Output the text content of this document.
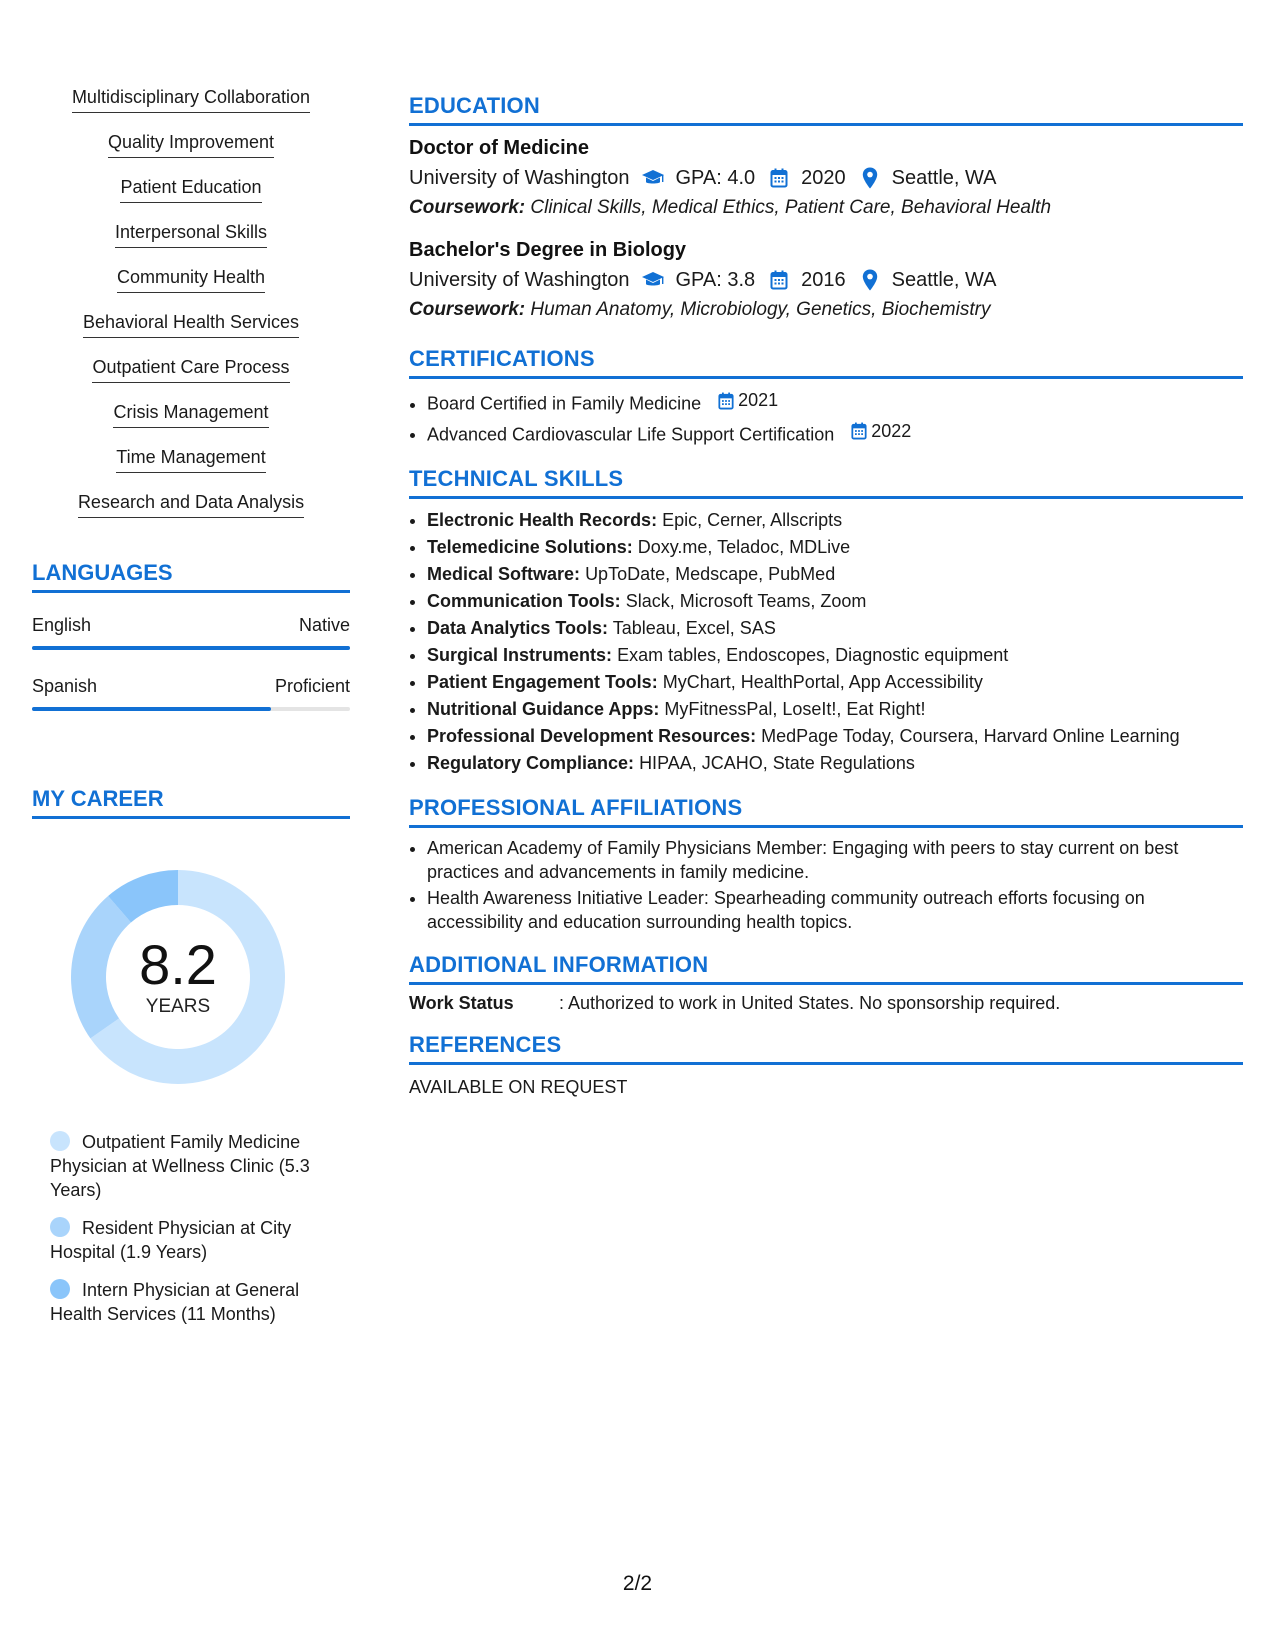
Multidisciplinary Collaboration
Quality Improvement
Patient Education
Interpersonal Skills
Community Health
Behavioral Health Services
Outpatient Care Process
Crisis Management
Time Management
Research and Data Analysis
LANGUAGES
English	Native
Spanish	Proficient
MY CAREER
8.2
YEARS
Outpatient Family Medicine Physician at Wellness Clinic (5.3 Years)
Resident Physician at City Hospital (1.9 Years)
Intern Physician at General Health Services (11 Months)
EDUCATION
Doctor of Medicine
University of Washington GPA: 4.0 2020 Seattle, WA
Coursework: Clinical Skills, Medical Ethics, Patient Care, Behavioral Health
Bachelor's Degree in Biology
University of Washington GPA: 3.8 2016 Seattle, WA
Coursework: Human Anatomy, Microbiology, Genetics, Biochemistry
CERTIFICATIONS
• Board Certified in Family Medicine 2021
• Advanced Cardiovascular Life Support Certification 2022
TECHNICAL SKILLS
• Electronic Health Records: Epic, Cerner, Allscripts
• Telemedicine Solutions: Doxy.me, Teladoc, MDLive
• Medical Software: UpToDate, Medscape, PubMed
• Communication Tools: Slack, Microsoft Teams, Zoom
• Data Analytics Tools: Tableau, Excel, SAS
• Surgical Instruments: Exam tables, Endoscopes, Diagnostic equipment
• Patient Engagement Tools: MyChart, HealthPortal, App Accessibility
• Nutritional Guidance Apps: MyFitnessPal, LoseIt!, Eat Right!
• Professional Development Resources: MedPage Today, Coursera, Harvard Online Learning
• Regulatory Compliance: HIPAA, JCAHO, State Regulations
PROFESSIONAL AFFILIATIONS
• American Academy of Family Physicians Member: Engaging with peers to stay current on best practices and advancements in family medicine.
• Health Awareness Initiative Leader: Spearheading community outreach efforts focusing on accessibility and education surrounding health topics.
ADDITIONAL INFORMATION
Work Status	: Authorized to work in United States. No sponsorship required.
REFERENCES
AVAILABLE ON REQUEST
2/2
